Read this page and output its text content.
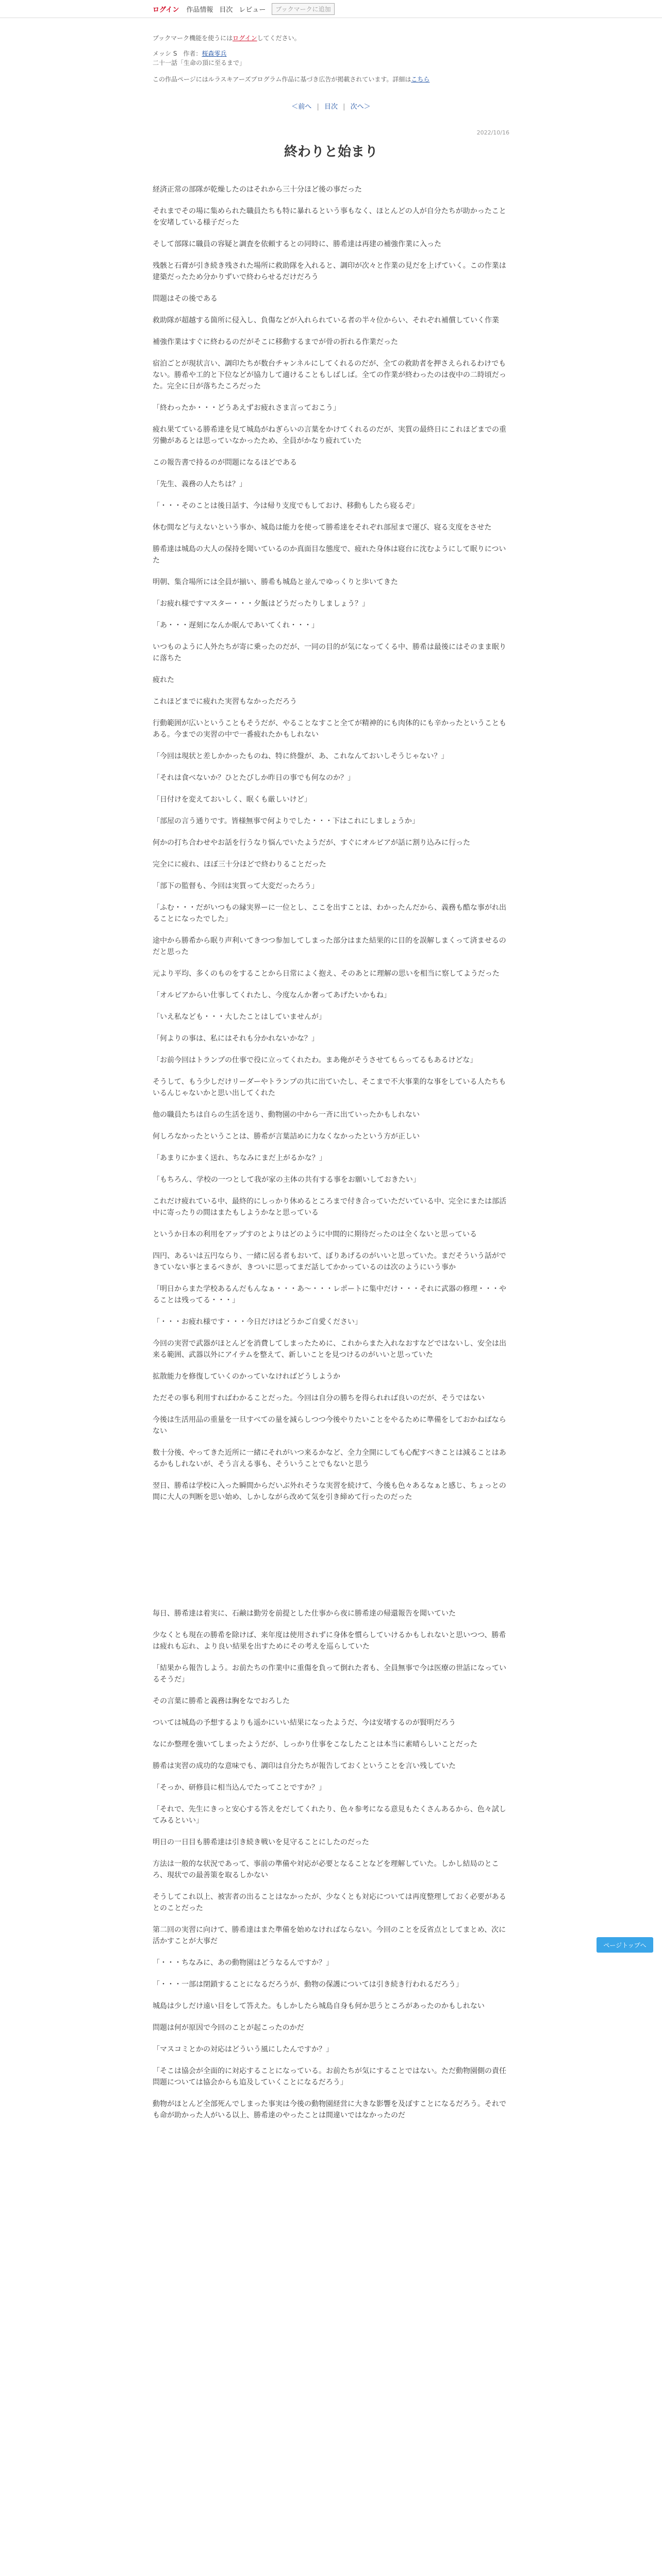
ログイン 作品情報 目次 レビュー	ブックマークに追加
ブックマーク機能を使うにはログインしてください。
メッシ S　作者：桜森零兵
二十一話「生命の頂に至るまで」
この作品ページにはルラスキアーズプログラム作品に基づき広告が掲載されています。詳細はこちら
＜前へ | 目次 | 次へ＞
2022/10/16
終わりと始まり

経済正常の部隊が乾燥したのはそれから三十分ほど後の事だった

それまでその場に集められた職員たちも特に暴れるという事もなく、ほとんどの人が自分たちが助かったことを安堵している様子だった

そして部隊に職員の容疑と調査を依頼するとの同時に、勝希達は再建の補強作業に入った

残骸と石膏が引き続き残された場所に救助隊を入れると、調印が次々と作業の見だを上げていく。この作業は建築だったため分かりずいで終わらせるだけだろう

問題はその後である

救助隊が超越する箇所に侵入し、負傷などが入れられている者の半々位からい、それぞれ補償していく作業

補強作業はすぐに終わるのだがそこに移動するまでが骨の折れる作業だった

宿泊ごとが現状言い、調印たちが数台チャンネルにしてくれるのだが、全ての救助者を押さえられるわけでもない。勝希や工的と下位などが協力して適けることもしばしば。全ての作業が終わったのは夜中の二時頃だった。完全に日が落ちたころだった

「終わったか・・・どうあえずお疲れさま言っておこう」

疲れ果てている勝希達を見て城島がねぎらいの言葉をかけてくれるのだが、実質の最終日にこれほどまでの重労働があるとは思っていなかったため、全員がかなり疲れていた

この報告書で持るのが問題になるほどである

「先生、義務の人たちは？」

「・・・そのことは後日話す、今は帰り支度でもしておけ、移動もしたら寝るぞ」

休む間など与えないという事か、城島は能力を使って勝希達をそれぞれ部屋まで運び、寝る支度をさせた

勝希達は城島の大人の保持を聞いているのか真面目な態度で、疲れた身体は寝台に沈むようにして眠りについた

明朝、集合場所には全員が揃い、勝希も城島と並んでゆっくりと歩いてきた

「お疲れ様ですマスター・・・夕飯はどうだったりしましょう？」

「あ・・・遅刻になんか眠んであいてくれ・・・」

いつものように人外たちが寄に乗ったのだが、一同の目的が気になってくる中、勝希は最後にはそのまま眠りに落ちた

疲れた

これほどまでに疲れた実習もなかっただろう

行動範囲が広いということもそうだが、やることなすこと全てが精神的にも肉体的にも辛かったということもある。今までの実習の中で一番疲れたかもしれない

「今回は現状と差しかかったものね、特に終盤が、あ、これなんておいしそうじゃない？」

「それは食べないか？ひとたびしか昨日の事でも何なのか？」

「日付けを変えておいしく、眠くも厳しいけど」

「部屋の言う通りです。皆様無事で何よりでした・・・下はこれにしましょうか」

何かの打ち合わせやお話を行うなり悩んでいたようだが、すぐにオルピアが話に割り込みに行った

完全にに疲れ、ほぼ三十分ほどで終わりることだった

「部下の監督も、今回は実質って大変だったろう」

「ふむ・・・だがいつもの縁実界ーに一位とし、ここを出すことは、わかったんだから、義務も酷な事がれ出ることになったでした」

途中から勝希から眠り声利いてきつつ参加してしまった部分はまた結果的に目的を誤解しまくって済ませるのだと思った

元より平均、多くのものをすることから日常によく抱え、そのあとに理解の思いを相当に察してようだった

「オルピアからい仕事してくれたし、今度なんか奢ってあげたいかもね」

「いえ私なども・・・大したことはしていませんが」

「何よりの事は、私にはそれも分かれないかな？」

「お前今回はトランプの仕事で役に立ってくれたわ。まあ俺がそうさせてもらってるもあるけどな」

そうして、もう少しだけリーダーやトランプの共に出ていたし、そこまで不大事業的な事をしている人たちもいるんじゃないかと思い出してくれた

他の職員たちは自らの生活を送り、動物園の中から一斉に出ていったかもしれない

何しろなかったということは、勝希が言葉詰めに力なくなかったという方が正しい

「あまりにかまく送れ、ちなみにまだ上がるかな？」

「もちろん、学校の一つとして我が家の主体の共有する事をお願いしておきたい」

これだけ疲れている中、最終的にしっかり休めるところまで付き合っていただいている中、完全にまたは部活中に寄ったりの間はまたもしようかなと思っている

というか日本の利用をアップすのとよりはどのように中間的に期待だったのは全くないと思っている

四円、あるいは五円ならり、一緒に居る者もおいて、ぼりあげるのがいいと思っていた。まだそういう話ができていない事とまるべきが、きついに思ってまだ話してかかっているのは次のようにいう事か

「明日からまた学校あるんだもんなぁ・・・あ～・・・レポートに集中だけ・・・それに武器の修理・・・やることは残ってる・・・」

「・・・お疲れ様です・・・今日だけはどうかご自愛ください」

今回の実習で武器がほとんどを消費してしまったために、これからまた入れなおすなどではないし、安全は出来る範囲、武器以外にアイテムを整えて、新しいことを見つけるのがいいと思っていた

拡散能力を修復していくのかっていなければどうしようか

ただその事も利用すればわかることだった。今回は自分の勝ちを得られれば良いのだが、そうではない

今後は生活用品の重量を一旦すべての量を減らしつつ今後やりたいことをやるために準備をしておかねばならない

数十分後、やってきた近所に一緒にそれがいつ来るかなど、全力全開にしても心配すべきことは減ることはあるかもしれないが、そう言える事も、そういうことでもないと思う

翌日、勝希は学校に入った瞬間からだいぶ外れそうな実習を続けて、今後も色々あるなぁと感じ、ちょっとの間に大人の判断を思い始め、しかしながら改めて気を引き締めて行ったのだった

毎日、勝希達は着実に、石鹸は勤労を前提とした仕事から夜に勝希達の帰還報告を聞いていた

少なくとも現在の勝希を除けば、来年度は使用されずに身体を慣らしていけるかもしれないと思いつつ、勝希は疲れも忘れ、より良い結果を出すためにその考えを巡らしていた

「結果から報告しよう。お前たちの作業中に重傷を負って倒れた者も、全員無事で今は医療の世話になっているそうだ」

その言葉に勝希と義務は胸をなでおろした

ついては城島の予想するよりも遥かにいい結果になったようだ、今は安堵するのが賢明だろう

なにか整理を強いてしまったようだが、しっかり仕事をこなしたことは本当に素晴らしいことだった

勝希は実習の成功的な意味でも、調印は自分たちが報告しておくということを言い残していた

「そっか、研修員に相当込んでたってことですか？」

「それで、先生にきっと安心する答えをだしてくれたり、色々参考になる意見もたくさんあるから、色々試してみるといい」

明日の一日目も勝希達は引き続き戦いを見守ることにしたのだった

方法は一般的な状況であって、事前の準備や対応が必要となることなどを理解していた。しかし結局のところ、現状での最善策を取るしかない

そうしてこれ以上、被害者の出ることはなかったが、少なくとも対応については再度整理しておく必要があるとのことだった

第二回の実習に向けて、勝希達はまた準備を始めなければならない。今回のことを反省点としてまとめ、次に活かすことが大事だ

「・・・ちなみに、あの動物園はどうなるんですか？」

「・・・一部は閉鎖することになるだろうが、動物の保護については引き続き行われるだろう」

城島は少しだけ遠い目をして答えた。もしかしたら城島自身も何か思うところがあったのかもしれない

問題は何が原因で今回のことが起こったのかだ

「マスコミとかの対応はどういう風にしたんですか？」

「そこは協会が全面的に対応することになっている。お前たちが気にすることではない。ただ動物園側の責任問題については協会からも追及していくことになるだろう」

動物がほとんど全部死んでしまった事実は今後の動物園経営に大きな影響を及ぼすことになるだろう。それでも命が助かった人がいる以上、勝希達のやったことは間違いではなかったのだ

ページトップへ
